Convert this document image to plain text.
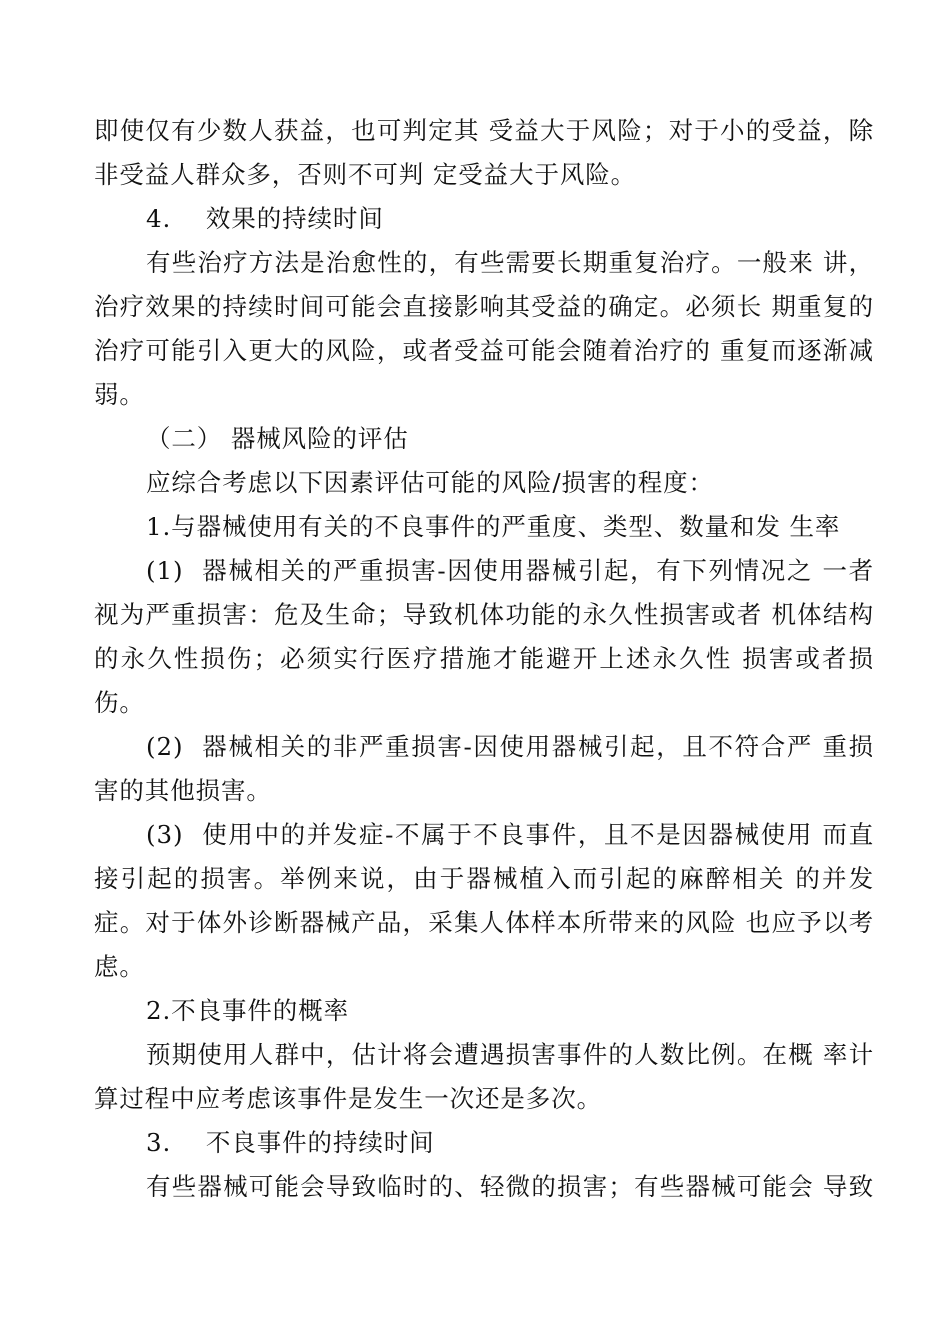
即使仅有少数人获益，也可判定其 受益大于风险；对于小的受益，除
非受益人群众多，否则不可判 定受益大于风险。
4.    效果的持续时间
有些治疗方法是治愈性的，有些需要长期重复治疗。一般来 讲，
治疗效果的持续时间可能会直接影响其受益的确定。必须长 期重复的
治疗可能引入更大的风险，或者受益可能会随着治疗的 重复而逐渐减
弱。
（二） 器械风险的评估
应综合考虑以下因素评估可能的风险/损害的程度：
1.与器械使用有关的不良事件的严重度、类型、数量和发 生率
(1)  器械相关的严重损害-因使用器械引起，有下列情况之 一者
视为严重损害：危及生命；导致机体功能的永久性损害或者 机体结构
的永久性损伤；必须实行医疗措施才能避开上述永久性 损害或者损
伤。
(2)  器械相关的非严重损害-因使用器械引起，且不符合严 重损
害的其他损害。
(3)  使用中的并发症-不属于不良事件，且不是因器械使用 而直
接引起的损害。举例来说，由于器械植入而引起的麻醉相关 的并发
症。对于体外诊断器械产品，采集人体样本所带来的风险 也应予以考
虑。
2.不良事件的概率
预期使用人群中，估计将会遭遇损害事件的人数比例。在概 率计
算过程中应考虑该事件是发生一次还是多次。
3.    不良事件的持续时间
有些器械可能会导致临时的、轻微的损害；有些器械可能会 导致
